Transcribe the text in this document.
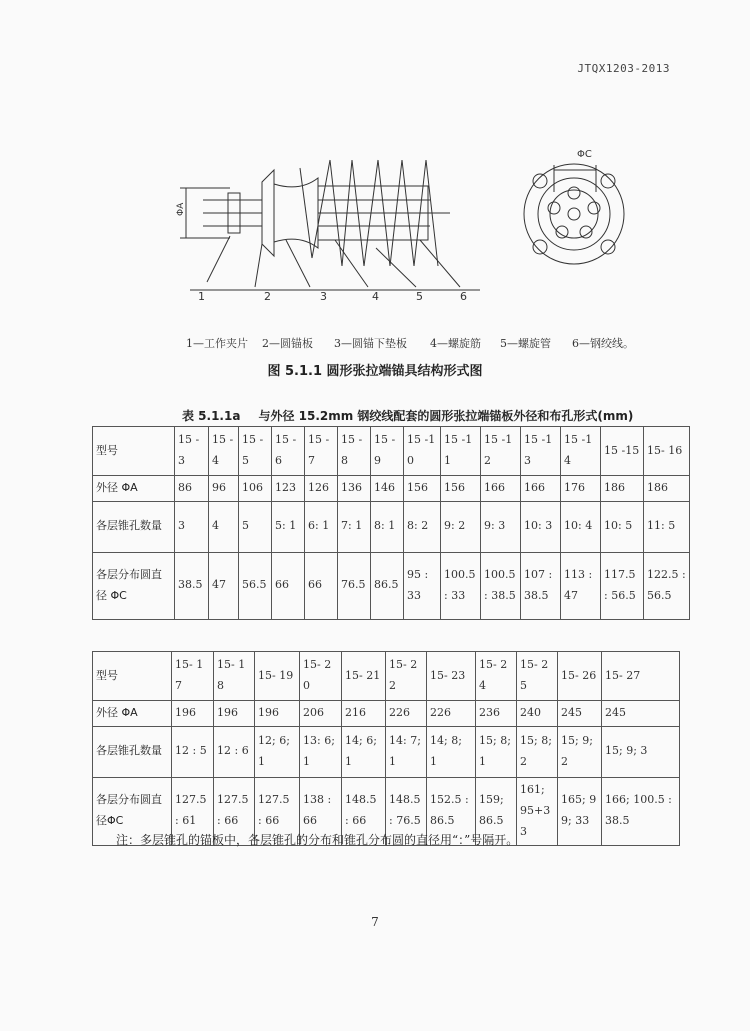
JTQX1203-2013
ΦA
ΦC
1	2	3	4	5	6
1—工作夹片 2—圆锚板 3—圆锚下垫板 4—螺旋筋 5—螺旋管 6—钢绞线。
图 5.1.1 圆形张拉端锚具结构形式图
表 5.1.1a 与外径 15.2mm 钢绞线配套的圆形张拉端锚板外径和布孔形式(mm)
型号	15 -3	15 -4	15 -5	15 -6	15 -7	15 -8	15 -9	15 -10	15 -11	15 -12	15 -13	15 -14	15 -15	15- 16
外径 ΦA	86	96	106	123	126	136	146	156	156	166	166	176	186	186
各层锥孔数量	3	4	5	5: 1	6: 1	7: 1	8: 1	8: 2	9: 2	9: 3	10: 3	10: 4	10: 5	11: 5
各层分布圆直径 ΦC	38.5	47	56.5	66	66	76.5	86.5	95 : 33	100.5 : 33	100.5 : 38.5	107 : 38.5	113 : 47	117.5 : 56.5	122.5 : 56.5
型号	15- 17	15- 18	15- 19	15- 20	15- 21	15- 22	15- 23	15- 24	15- 25	15- 26	15- 27
外径 ΦA	196	196	196	206	216	226	226	236	240	245	245
各层锥孔数量	12 : 5	12 : 6	12; 6; 1	13: 6; 1	14; 6; 1	14: 7; 1	14; 8; 1	15; 8; 1	15; 8; 2	15; 9; 2	15; 9; 3
各层分布圆直径ΦC	127.5 : 61	127.5 : 66	127.5 : 66	138 : 66	148.5 : 66	148.5 : 76.5	152.5 : 86.5	159; 86.5	161; 95+33	165; 99; 33	166; 100.5 : 38.5
注：多层锥孔的锚板中，各层锥孔的分布和锥孔分布圆的直径用“：”号隔开。
7
